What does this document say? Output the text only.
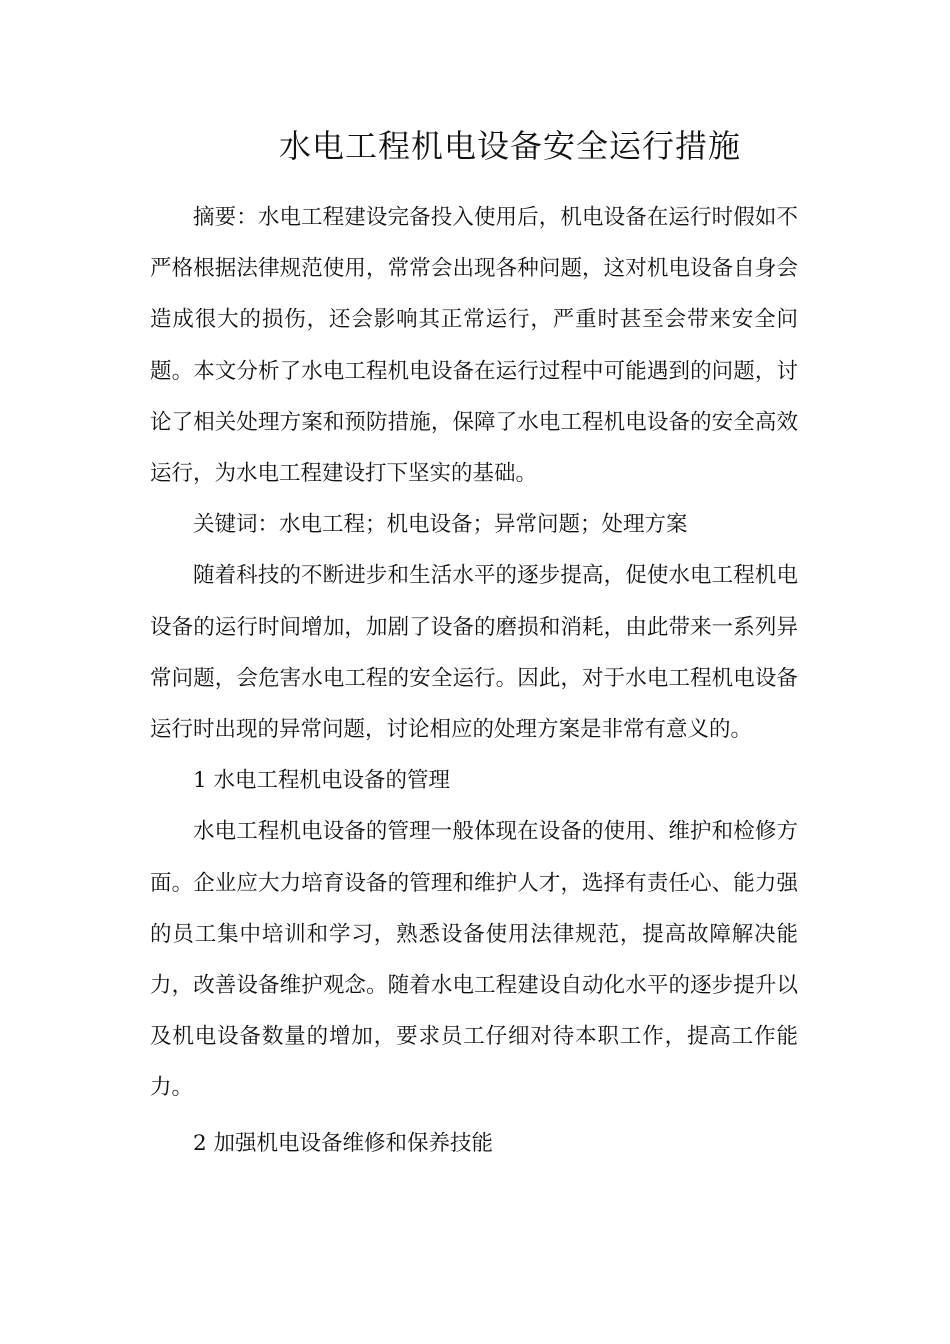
水电工程机电设备安全运行措施

摘要：水电工程建设完备投入使用后，机电设备在运行时假如不严格根据法律规范使用，常常会出现各种问题，这对机电设备自身会造成很大的损伤，还会影响其正常运行，严重时甚至会带来安全问题。本文分析了水电工程机电设备在运行过程中可能遇到的问题，讨论了相关处理方案和预防措施，保障了水电工程机电设备的安全高效运行，为水电工程建设打下坚实的基础。

关键词：水电工程；机电设备；异常问题；处理方案

随着科技的不断进步和生活水平的逐步提高，促使水电工程机电设备的运行时间增加，加剧了设备的磨损和消耗，由此带来一系列异常问题，会危害水电工程的安全运行。因此，对于水电工程机电设备运行时出现的异常问题，讨论相应的处理方案是非常有意义的。

1 水电工程机电设备的管理

水电工程机电设备的管理一般体现在设备的使用、维护和检修方面。企业应大力培育设备的管理和维护人才，选择有责任心、能力强的员工集中培训和学习，熟悉设备使用法律规范，提高故障解决能力，改善设备维护观念。随着水电工程建设自动化水平的逐步提升以及机电设备数量的增加，要求员工仔细对待本职工作，提高工作能力。

2 加强机电设备维修和保养技能
